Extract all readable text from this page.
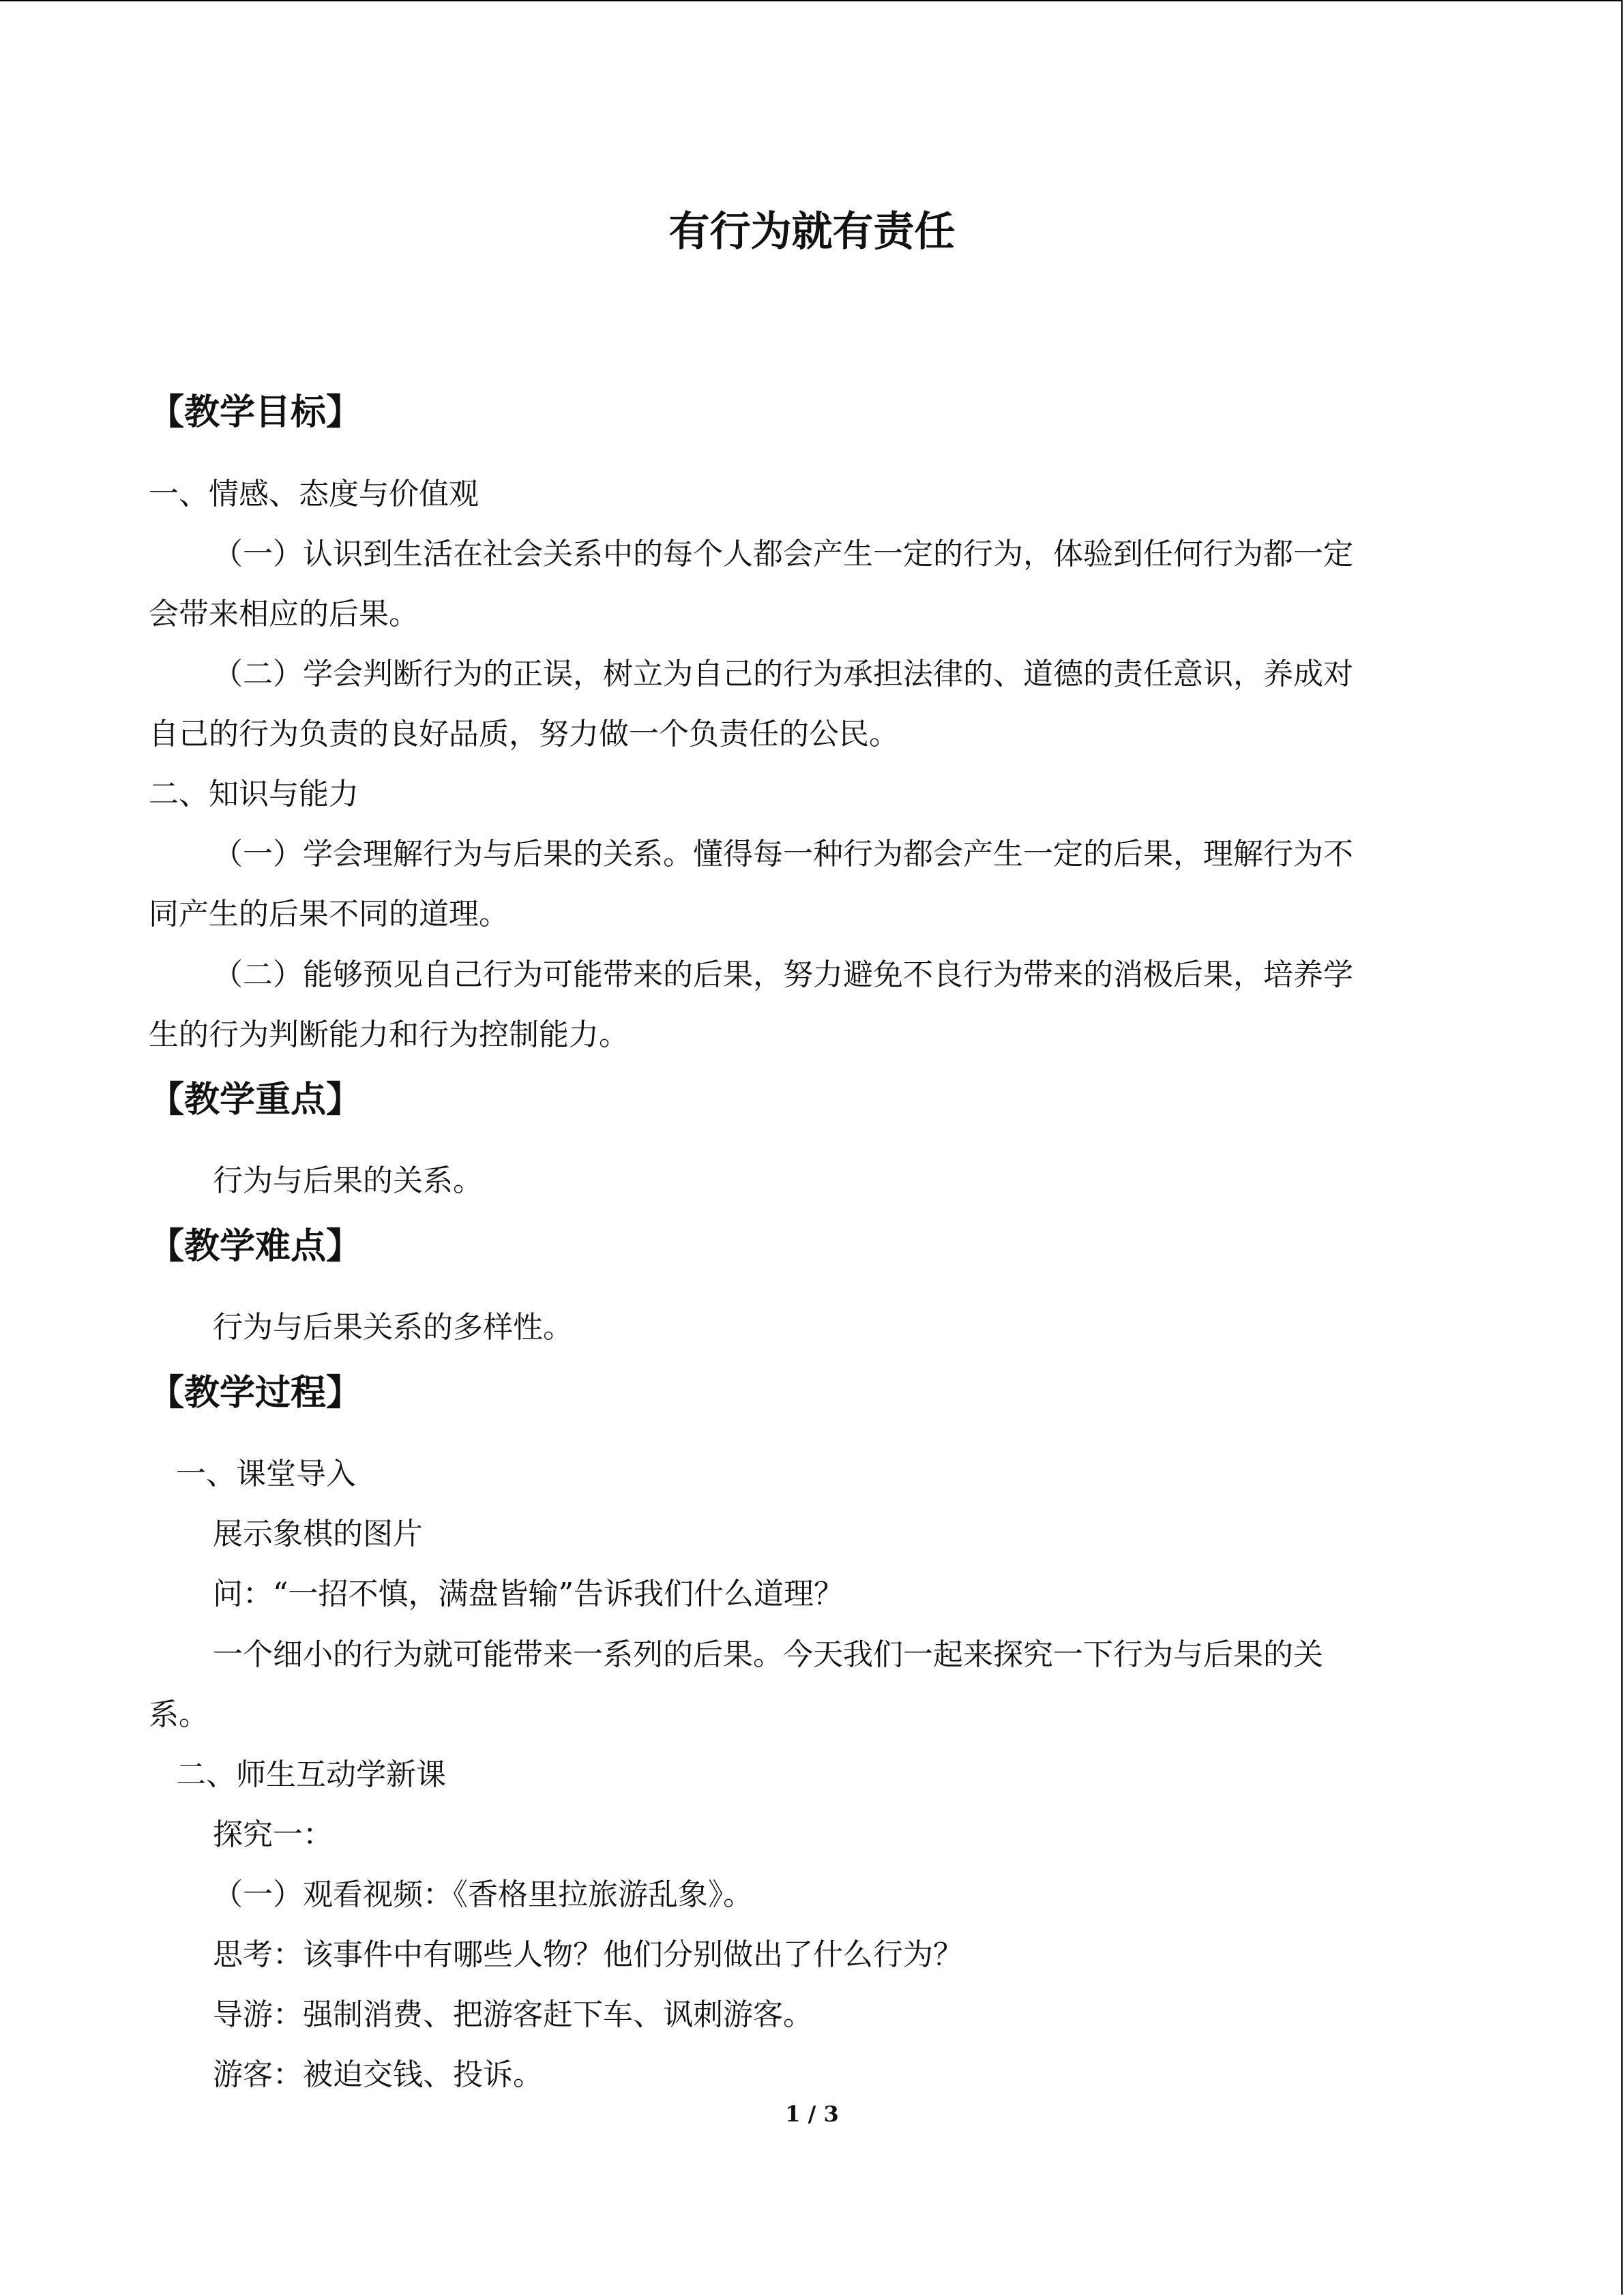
有行为就有责任
【教学目标】
一、情感、态度与价值观
（一）认识到生活在社会关系中的每个人都会产生一定的行为，体验到任何行为都一定
会带来相应的后果。
（二）学会判断行为的正误，树立为自己的行为承担法律的、道德的责任意识，养成对
自己的行为负责的良好品质，努力做一个负责任的公民。
二、知识与能力
（一）学会理解行为与后果的关系。懂得每一种行为都会产生一定的后果，理解行为不
同产生的后果不同的道理。
（二）能够预见自己行为可能带来的后果，努力避免不良行为带来的消极后果，培养学
生的行为判断能力和行为控制能力。
【教学重点】
行为与后果的关系。
【教学难点】
行为与后果关系的多样性。
【教学过程】
一、课堂导入
展示象棋的图片
问：“一招不慎，满盘皆输”告诉我们什么道理？
一个细小的行为就可能带来一系列的后果。今天我们一起来探究一下行为与后果的关
系。
二、师生互动学新课
探究一：
（一）观看视频：《香格里拉旅游乱象》。
思考：该事件中有哪些人物？他们分别做出了什么行为？
导游：强制消费、把游客赶下车、讽刺游客。
游客：被迫交钱、投诉。
1 / 3
